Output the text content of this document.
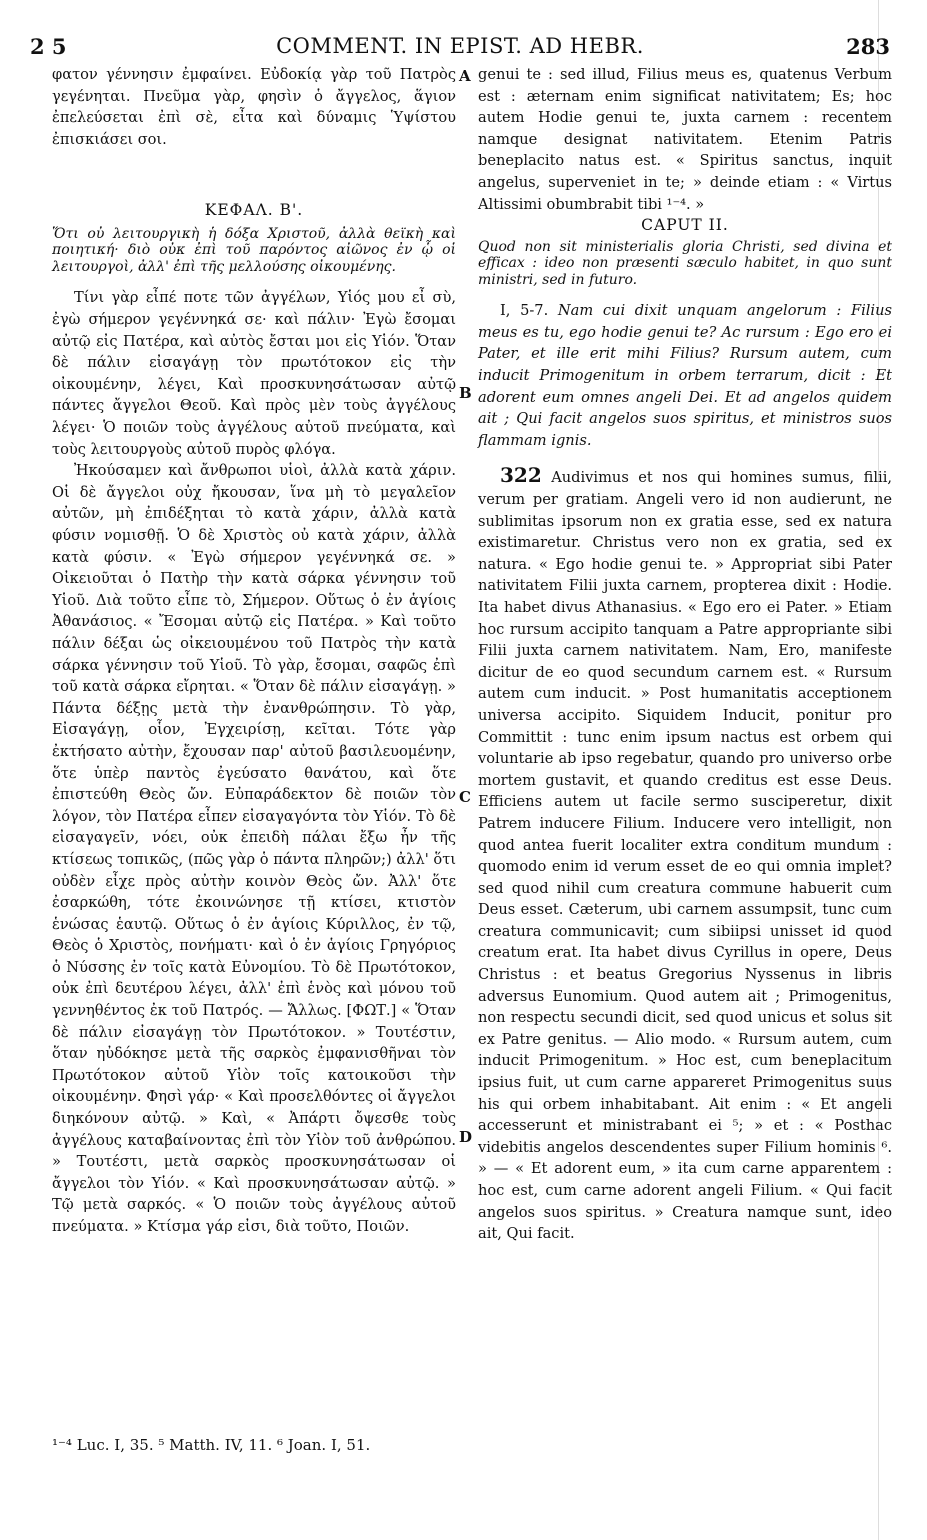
2 5	COMMENT. IN EPIST. AD HEBR.	283

φατον γέννησιν ἐμφαίνει. Εὐδοκίᾳ γὰρ τοῦ Πατρὸς γεγένηται. Πνεῦμα γὰρ, φησὶν ὁ ἄγγελος, ἅγιον ἐπελεύσεται ἐπὶ σὲ, εἶτα καὶ δύναμις Ὑψίστου ἐπισκιάσει σοι.

ΚΕΦΑΛ. Β'.

Ὅτι οὐ λειτουργικὴ ἡ δόξα Χριστοῦ, ἀλλὰ θεϊκὴ καὶ ποιητική· διὸ οὐκ ἐπὶ τοῦ παρόντος αἰῶνος ἐν ᾧ οἱ λειτουργοὶ, ἀλλ' ἐπὶ τῆς μελλούσης οἰκουμένης.

Τίνι γὰρ εἶπέ ποτε τῶν ἀγγέλων, Υἱός μου εἶ σὺ, ἐγὼ σήμερον γεγέννηκά σε· καὶ πάλιν· Ἐγὼ ἔσομαι αὐτῷ εἰς Πατέρα, καὶ αὐτὸς ἔσται μοι εἰς Υἱόν. Ὅταν δὲ πάλιν εἰσαγάγῃ τὸν πρωτότοκον εἰς τὴν οἰκουμένην, λέγει, Καὶ προσκυνησάτωσαν αὐτῷ πάντες ἄγγελοι Θεοῦ. Καὶ πρὸς μὲν τοὺς ἀγγέλους λέγει· Ὁ ποιῶν τοὺς ἀγγέλους αὐτοῦ πνεύματα, καὶ τοὺς λειτουργοὺς αὐτοῦ πυρὸς φλόγα.

Ἠκούσαμεν καὶ ἄνθρωποι υἱοὶ, ἀλλὰ κατὰ χάριν. Οἱ δὲ ἄγγελοι οὐχ ἤκουσαν, ἵνα μὴ τὸ μεγαλεῖον αὐτῶν, μὴ ἐπιδέξηται τὸ κατὰ χάριν, ἀλλὰ κατὰ φύσιν νομισθῇ. Ὁ δὲ Χριστὸς οὐ κατὰ χάριν, ἀλλὰ κατὰ φύσιν. « Ἐγὼ σήμερον γεγέννηκά σε. » Οἰκειοῦται ὁ Πατὴρ τὴν κατὰ σάρκα γέννησιν τοῦ Υἱοῦ. Διὰ τοῦτο εἶπε τὸ, Σήμερον. Οὕτως ὁ ἐν ἁγίοις Ἀθανάσιος. « Ἔσομαι αὐτῷ εἰς Πατέρα. » Καὶ τοῦτο πάλιν δέξαι ὡς οἰκειουμένου τοῦ Πατρὸς τὴν κατὰ σάρκα γέννησιν τοῦ Υἱοῦ. Τὸ γὰρ, ἔσομαι, σαφῶς ἐπὶ τοῦ κατὰ σάρκα εἴρηται. « Ὅταν δὲ πάλιν εἰσαγάγῃ. » Πάντα δέξῃς μετὰ τὴν ἐνανθρώπησιν. Τὸ γὰρ, Εἰσαγάγῃ, οἷον, Ἐγχειρίσῃ, κεῖται. Τότε γὰρ ἐκτήσατο αὐτὴν, ἔχουσαν παρ' αὐτοῦ βασιλευομένην, ὅτε ὑπὲρ παντὸς ἐγεύσατο θανάτου, καὶ ὅτε ἐπιστεύθη Θεὸς ὤν. Εὐπαράδεκτον δὲ ποιῶν τὸν λόγον, τὸν Πατέρα εἶπεν εἰσαγαγόντα τὸν Υἱόν. Τὸ δὲ εἰσαγαγεῖν, νόει, οὐκ ἐπειδὴ πάλαι ἔξω ἦν τῆς κτίσεως τοπικῶς, (πῶς γὰρ ὁ πάντα πληρῶν;) ἀλλ' ὅτι οὐδὲν εἶχε πρὸς αὐτὴν κοινὸν Θεὸς ὤν. Ἀλλ' ὅτε ἐσαρκώθη, τότε ἐκοινώνησε τῇ κτίσει, κτιστὸν ἑνώσας ἑαυτῷ. Οὕτως ὁ ἐν ἁγίοις Κύριλλος, ἐν τῷ, Θεὸς ὁ Χριστὸς, πονήματι· καὶ ὁ ἐν ἁγίοις Γρηγόριος ὁ Νύσσης ἐν τοῖς κατὰ Εὐνομίου. Τὸ δὲ Πρωτότοκον, οὐκ ἐπὶ δευτέρου λέγει, ἀλλ' ἐπὶ ἑνὸς καὶ μόνου τοῦ γεννηθέντος ἐκ τοῦ Πατρός. — Ἄλλως. [ΦΩΤ.] « Ὅταν δὲ πάλιν εἰσαγάγῃ τὸν Πρωτότοκον. » Τουτέστιν, ὅταν ηὐδόκησε μετὰ τῆς σαρκὸς ἐμφανισθῆναι τὸν Πρωτότοκον αὐτοῦ Υἱὸν τοῖς κατοικοῦσι τὴν οἰκουμένην. Φησὶ γάρ· « Καὶ προσελθόντες οἱ ἄγγελοι διηκόνουν αὐτῷ. » Καὶ, « Ἀπάρτι ὄψεσθε τοὺς ἀγγέλους καταβαίνοντας ἐπὶ τὸν Υἱὸν τοῦ ἀνθρώπου. » Τουτέστι, μετὰ σαρκὸς προσκυνησάτωσαν οἱ ἄγγελοι τὸν Υἱόν. « Καὶ προσκυνησάτωσαν αὐτῷ. » Τῷ μετὰ σαρκός. « Ὁ ποιῶν τοὺς ἀγγέλους αὐτοῦ πνεύματα. » Κτίσμα γάρ εἰσι, διὰ τοῦτο, Ποιῶν.

A
B
C
D

genui te : sed illud, Filius meus es, quatenus Verbum est : æternam enim significat nativitatem; Es; hoc autem Hodie genui te, juxta carnem : recentem namque designat nativitatem. Etenim Patris beneplacito natus est. « Spiritus sanctus, inquit angelus, superveniet in te; » deinde etiam : « Virtus Altissimi obumbrabit tibi ¹⁻⁴. »

CAPUT II.

Quod non sit ministerialis gloria Christi, sed divina et efficax : ideo non præsenti sæculo habitet, in quo sunt ministri, sed in futuro.

I, 5-7. Nam cui dixit unquam angelorum : Filius meus es tu, ego hodie genui te? Ac rursum : Ego ero ei Pater, et ille erit mihi Filius? Rursum autem, cum inducit Primogenitum in orbem terrarum, dicit : Et adorent eum omnes angeli Dei. Et ad angelos quidem ait ; Qui facit angelos suos spiritus, et ministros suos flammam ignis.

322 Audivimus et nos qui homines sumus, filii, verum per gratiam. Angeli vero id non audierunt, ne sublimitas ipsorum non ex gratia esse, sed ex natura existimaretur. Christus vero non ex gratia, sed ex natura. « Ego hodie genui te. » Appropriat sibi Pater nativitatem Filii juxta carnem, propterea dixit : Hodie. Ita habet divus Athanasius. « Ego ero ei Pater. » Etiam hoc rursum accipito tanquam a Patre appropriante sibi Filii juxta carnem nativitatem. Nam, Ero, manifeste dicitur de eo quod secundum carnem est. « Rursum autem cum inducit. » Post humanitatis acceptionem universa accipito. Siquidem Inducit, ponitur pro Committit : tunc enim ipsum nactus est orbem qui voluntarie ab ipso regebatur, quando pro universo orbe mortem gustavit, et quando creditus est esse Deus. Efficiens autem ut facile sermo susciperetur, dixit Patrem inducere Filium. Inducere vero intelligit, non quod antea fuerit localiter extra conditum mundum : quomodo enim id verum esset de eo qui omnia implet? sed quod nihil cum creatura commune habuerit cum Deus esset. Cæterum, ubi carnem assumpsit, tunc cum creatura communicavit; cum sibiipsi unisset id quod creatum erat. Ita habet divus Cyrillus in opere, Deus Christus : et beatus Gregorius Nyssenus in libris adversus Eunomium. Quod autem ait ; Primogenitus, non respectu secundi dicit, sed quod unicus et solus sit ex Patre genitus. — Alio modo. « Rursum autem, cum inducit Primogenitum. » Hoc est, cum beneplacitum ipsius fuit, ut cum carne appareret Primogenitus suus his qui orbem inhabitabant. Ait enim : « Et angeli accesserunt et ministrabant ei ⁵; » et : « Posthac videbitis angelos descendentes super Filium hominis ⁶. » — « Et adorent eum, » ita cum carne apparentem : hoc est, cum carne adorent angeli Filium. « Qui facit angelos suos spiritus. » Creatura namque sunt, ideo ait, Qui facit.

¹⁻⁴ Luc. I, 35. ⁵ Matth. IV, 11. ⁶ Joan. I, 51.
